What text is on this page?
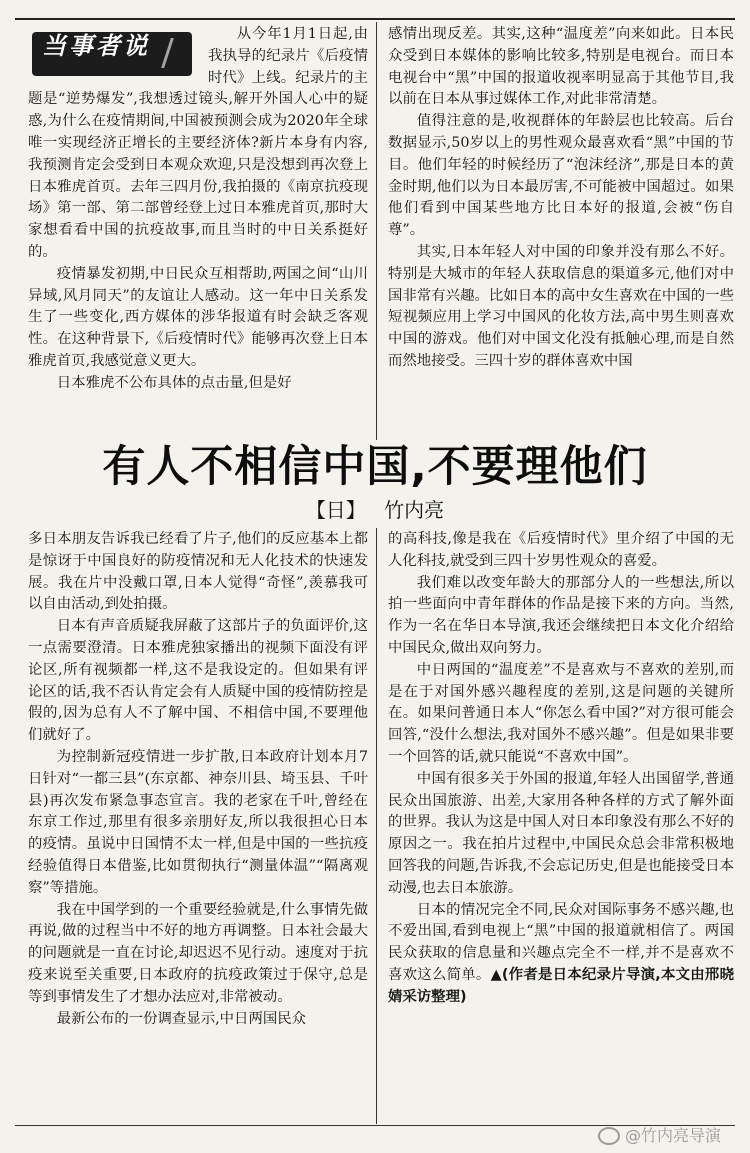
当事者说	从今年1月1日起,由我执导的纪录片《后疫情时代》上线。纪录片的主题是“逆势爆发”,我想透过镜头,解开外国人心中的疑惑,为什么在疫情期间,中国被预测会成为2020年全球唯一实现经济正增长的主要经济体?新片本身有内容,我预测肯定会受到日本观众欢迎,只是没想到再次登上日本雅虎首页。去年三四月份,我拍摄的《南京抗疫现场》第一部、第二部曾经登上过日本雅虎首页,那时大家想看看中国的抗疫故事,而且当时的中日关系挺好的。

疫情暴发初期,中日民众互相帮助,两国之间“山川异域,风月同天”的友谊让人感动。这一年中日关系发生了一些变化,西方媒体的涉华报道有时会缺乏客观性。在这种背景下,《后疫情时代》能够再次登上日本雅虎首页,我感觉意义更大。

日本雅虎不公布具体的点击量,但是好

感情出现反差。其实,这种“温度差”向来如此。日本民众受到日本媒体的影响比较多,特别是电视台。而日本电视台中“黑”中国的报道收视率明显高于其他节目,我以前在日本从事过媒体工作,对此非常清楚。

值得注意的是,收视群体的年龄层也比较高。后台数据显示,50岁以上的男性观众最喜欢看“黑”中国的节目。他们年轻的时候经历了“泡沫经济”,那是日本的黄金时期,他们以为日本最厉害,不可能被中国超过。如果他们看到中国某些地方比日本好的报道,会被“伤自尊”。

其实,日本年轻人对中国的印象并没有那么不好。特别是大城市的年轻人获取信息的渠道多元,他们对中国非常有兴趣。比如日本的高中女生喜欢在中国的一些短视频应用上学习中国风的化妆方法,高中男生则喜欢中国的游戏。他们对中国文化没有抵触心理,而是自然而然地接受。三四十岁的群体喜欢中国

有人不相信中国,不要理他们
【日】 竹内亮

多日本朋友告诉我已经看了片子,他们的反应基本上都是惊讶于中国良好的防疫情况和无人化技术的快速发展。我在片中没戴口罩,日本人觉得“奇怪”,羡慕我可以自由活动,到处拍摄。

日本有声音质疑我屏蔽了这部片子的负面评价,这一点需要澄清。日本雅虎独家播出的视频下面没有评论区,所有视频都一样,这不是我设定的。但如果有评论区的话,我不否认肯定会有人质疑中国的疫情防控是假的,因为总有人不了解中国、不相信中国,不要理他们就好了。

为控制新冠疫情进一步扩散,日本政府计划本月7日针对“一都三县”(东京都、神奈川县、埼玉县、千叶县)再次发布紧急事态宣言。我的老家在千叶,曾经在东京工作过,那里有很多亲朋好友,所以我很担心日本的疫情。虽说中日国情不太一样,但是中国的一些抗疫经验值得日本借鉴,比如贯彻执行“测量体温”“隔离观察”等措施。

我在中国学到的一个重要经验就是,什么事情先做再说,做的过程当中不好的地方再调整。日本社会最大的问题就是一直在讨论,却迟迟不见行动。速度对于抗疫来说至关重要,日本政府的抗疫政策过于保守,总是等到事情发生了才想办法应对,非常被动。

最新公布的一份调查显示,中日两国民众

的高科技,像是我在《后疫情时代》里介绍了中国的无人化科技,就受到三四十岁男性观众的喜爱。

我们难以改变年龄大的那部分人的一些想法,所以拍一些面向中青年群体的作品是接下来的方向。当然,作为一名在华日本导演,我还会继续把日本文化介绍给中国民众,做出双向努力。

中日两国的“温度差”不是喜欢与不喜欢的差别,而是在于对国外感兴趣程度的差别,这是问题的关键所在。如果问普通日本人“你怎么看中国?”对方很可能会回答,“没什么想法,我对国外不感兴趣”。但是如果非要一个回答的话,就只能说“不喜欢中国”。

中国有很多关于外国的报道,年轻人出国留学,普通民众出国旅游、出差,大家用各种各样的方式了解外面的世界。我认为这是中国人对日本印象没有那么不好的原因之一。我在拍片过程中,中国民众总会非常积极地回答我的问题,告诉我,不会忘记历史,但是也能接受日本动漫,也去日本旅游。

日本的情况完全不同,民众对国际事务不感兴趣,也不爱出国,看到电视上“黑”中国的报道就相信了。两国民众获取的信息量和兴趣点完全不一样,并不是喜欢不喜欢这么简单。▲(作者是日本纪录片导演,本文由邢晓婧采访整理)

@竹内亮导演
